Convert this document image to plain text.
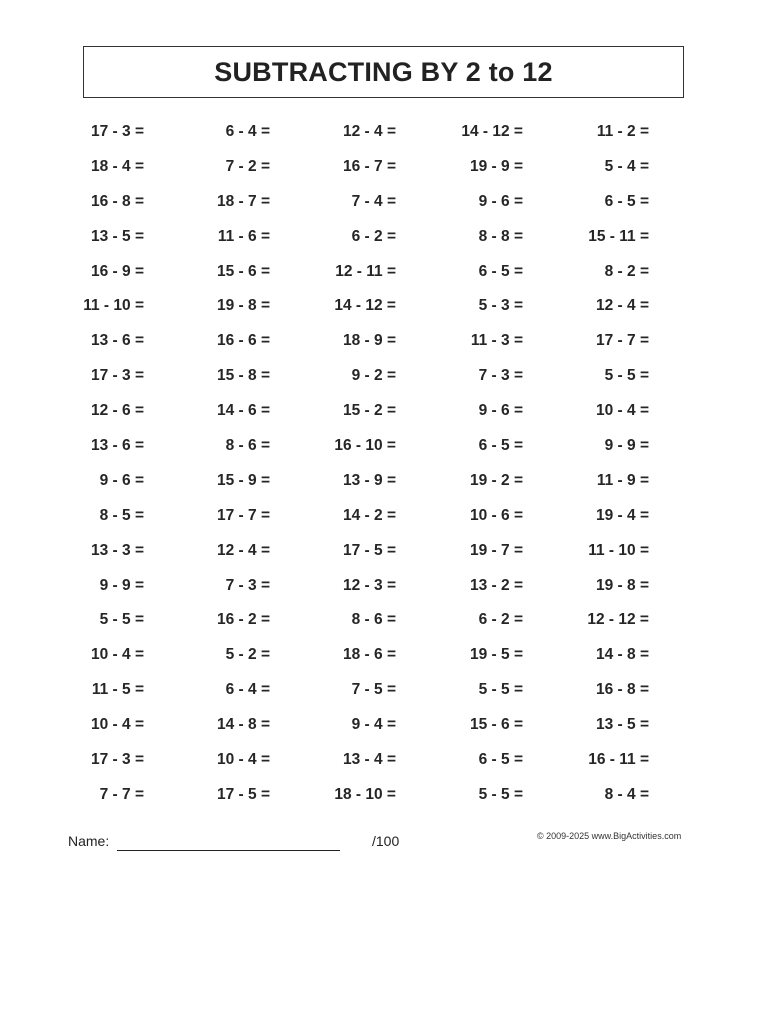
SUBTRACTING BY 2 to 12
17 - 3 =	6 - 4 =	12 - 4 =	14 - 12 =	11 - 2 =
18 - 4 =	7 - 2 =	16 - 7 =	19 - 9 =	5 - 4 =
16 - 8 =	18 - 7 =	7 - 4 =	9 - 6 =	6 - 5 =
13 - 5 =	11 - 6 =	6 - 2 =	8 - 8 =	15 - 11 =
16 - 9 =	15 - 6 =	12 - 11 =	6 - 5 =	8 - 2 =
11 - 10 =	19 - 8 =	14 - 12 =	5 - 3 =	12 - 4 =
13 - 6 =	16 - 6 =	18 - 9 =	11 - 3 =	17 - 7 =
17 - 3 =	15 - 8 =	9 - 2 =	7 - 3 =	5 - 5 =
12 - 6 =	14 - 6 =	15 - 2 =	9 - 6 =	10 - 4 =
13 - 6 =	8 - 6 =	16 - 10 =	6 - 5 =	9 - 9 =
9 - 6 =	15 - 9 =	13 - 9 =	19 - 2 =	11 - 9 =
8 - 5 =	17 - 7 =	14 - 2 =	10 - 6 =	19 - 4 =
13 - 3 =	12 - 4 =	17 - 5 =	19 - 7 =	11 - 10 =
9 - 9 =	7 - 3 =	12 - 3 =	13 - 2 =	19 - 8 =
5 - 5 =	16 - 2 =	8 - 6 =	6 - 2 =	12 - 12 =
10 - 4 =	5 - 2 =	18 - 6 =	19 - 5 =	14 - 8 =
11 - 5 =	6 - 4 =	7 - 5 =	5 - 5 =	16 - 8 =
10 - 4 =	14 - 8 =	9 - 4 =	15 - 6 =	13 - 5 =
17 - 3 =	10 - 4 =	13 - 4 =	6 - 5 =	16 - 11 =
7 - 7 =	17 - 5 =	18 - 10 =	5 - 5 =	8 - 4 =
Name:	/100	© 2009-2025 www.BigActivities.com
